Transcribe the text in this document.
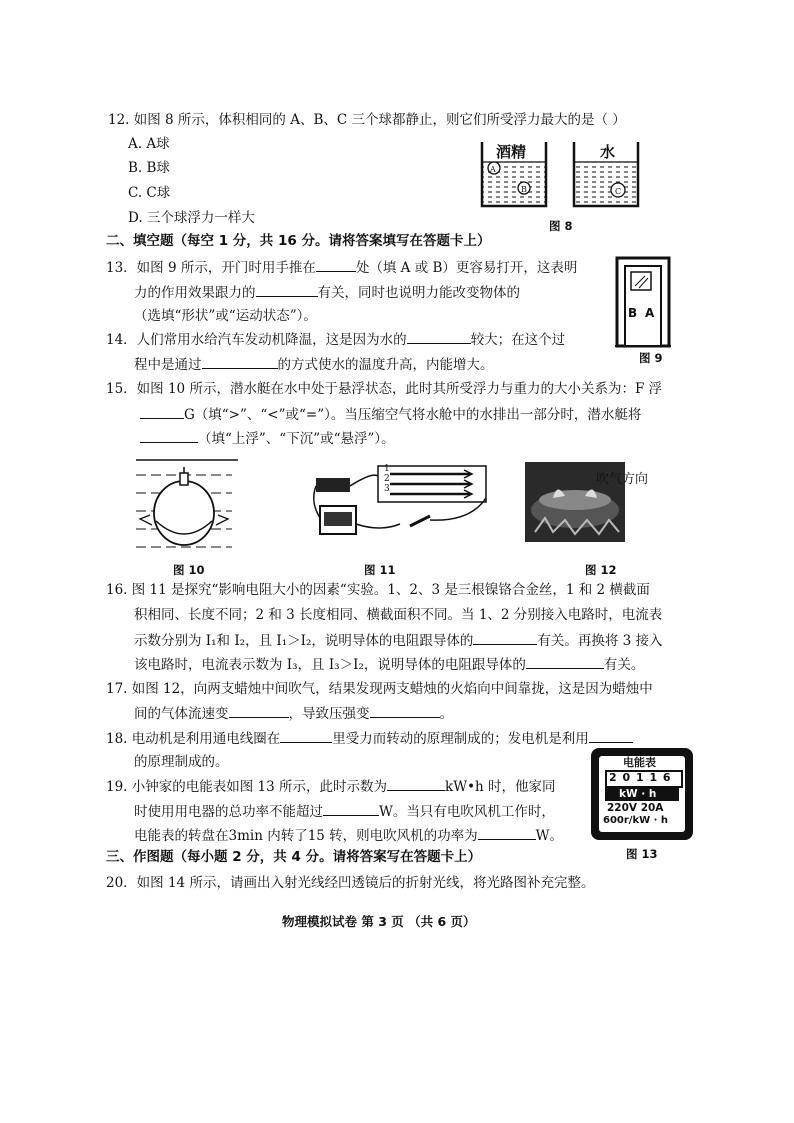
12. 如图 8 所示，体积相同的 A、B、C 三个球都静止，则它们所受浮力最大的是（ ）
A. A球
B. B球
C. C球
D. 三个球浮力一样大
酒精	水
A
B	C
图 8
二、填空题（每空 1 分，共 16 分。请将答案填写在答题卡上）
13．如图 9 所示，开门时用手推在	处（填 A 或 B）更容易打开，这表明
力的作用效果跟力的	有关，同时也说明力能改变物体的
（选填“形状”或“运动状态”）。	B A
图 9
14．人们常用水给汽车发动机降温，这是因为水的	较大；在这个过
程中是通过	的方式使水的温度升高，内能增大。
15．如图 10 所示，潜水艇在水中处于悬浮状态，此时其所受浮力与重力的大小关系为：F 浮
G（填“>”、“<”或“=”）。当压缩空气将水舱中的水排出一部分时，潜水艇将
（填“上浮”、“下沉”或“悬浮”）。
图 10
1
2
3
图 11
吹气方向
图 12
16. 图 11 是探究“影响电阻大小的因素“实验。1、2、3 是三根镍铬合金丝，1 和 2 横截面
积相同、长度不同；2 和 3 长度相同、横截面积不同。当 1、2 分别接入电路时，电流表
示数分别为 I₁和 I₂，且 I₁＞I₂，说明导体的电阻跟导体的	有关。再换将 3 接入
该电路时，电流表示数为 I₃，且 I₃＞I₂，说明导体的电阻跟导体的	有关。
17. 如图 12，向两支蜡烛中间吹气，结果发现两支蜡烛的火焰向中间靠拢，这是因为蜡烛中
间的气体流速变	，导致压强变	。
18. 电动机是利用通电线圈在	里受力而转动的原理制成的；发电机是利用
的原理制成的。
19. 小钟家的电能表如图 13 所示，此时示数为	kW•h 时，他家同
时使用用电器的总功率不能超过	W。当只有电吹风机工作时，
电能表的转盘在3min 内转了15 转，则电吹风机的功率为	W。
电能表
2 0 1 1 6
kW · h
220V 20A
600r/kW · h
图 13
三、作图题（每小题 2 分，共 4 分。请将答案写在答题卡上）
20．如图 14 所示，请画出入射光线经凹透镜后的折射光线，将光路图补充完整。
物理模拟试卷 第 3 页 （共 6 页）
